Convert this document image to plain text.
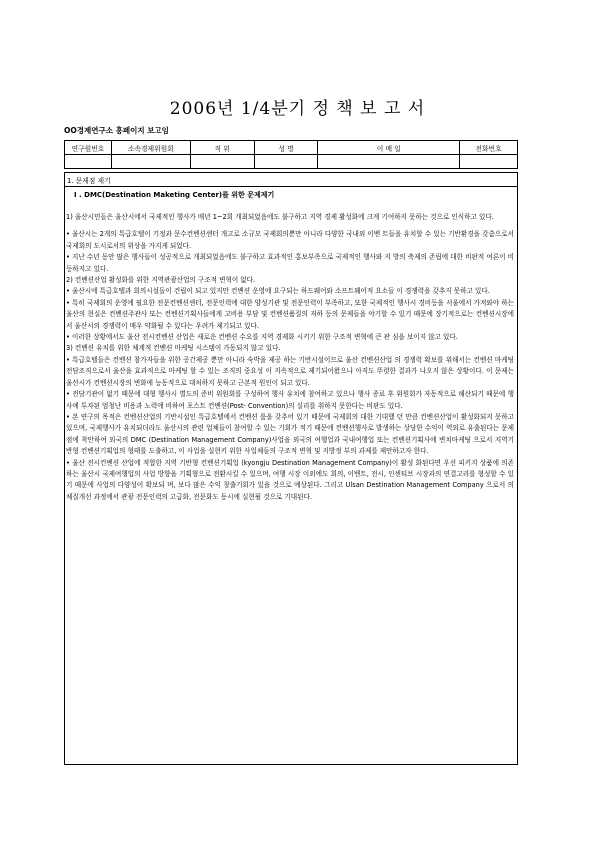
2006년 1/4분기 정 책 보 고 서
OO경제연구소 흥페이지 보고임
연구원번호	소속경제위원회	직 위	성 명	이 메 일	전화번호

1. 문제점 제기
I . DMC(Destination Maketing Center)를 위한 문제제기

1) 울산시민들은 울산시에서 국제적인 행사가 매년 1~2회 개최되었음에도 불구하고 지역 경제 활성화에 크게 기여하지 못하는 것으로 인식하고 있다.

• 울산시는 2개의 특급호텔이 기정과 문수컨벤션센터 개고로 소규모 국제회의뿐만 아니라 다양한 국내외 이벤 트들을 유치할 수 있는 기반환경을 갖춤으로서 국제회의 도시로서의 위상을 가지게 되었다.

• 지난 수년 동안 많은 행사들이 성공적으로 개최되었음에도 불구하고 효과적인 홍보부족으로 국제적인 행사와 지 방의 축제의 존립에 대한 비판적 여론이 비등하지고 있다.

2) 컨벤션산업 활성화를 위한 지역관광산업의 구조적 변혁이 없다.

• 울산시에 특급호텔과 회의시설들이 건립이 되고 있지만 컨벤션 운영에 요구되는 하드웨어와 소프트웨어적 요소들 이 경쟁력을 갖추지 못하고 있다.

• 특히 국제회의 운영에 필요한 전문컨벤션센터, 전문인력에 대한 양성기관 및 전문인력이 부족하고, 또한 국제적인 행사시 경비등을 서울에서 가져와야 하는 울산의 현실은 컨벤션주관사 또는 컨벤션기획사들에게 고비용 부담 및 컨벤션품질의 저하 등의 문제들을 야기할 수 있기 때문에 장기적으로는 컨벤션시장에서 울산시의 경쟁력이 매우 약화될 수 있다는 우려가 제기되고 있다.

• 이러한 상황에서도 울산 전시컨벤션 산업은 새로운 컨벤션 수요를 지역 경제화 시키기 위한 구조적 변혁에 큰 관 심을 보이지 않고 있다.

3) 컨벤션 유치를 위한 체계적 컨벤션 마케팅 시스템이 가동되지 않고 있다.

• 특급호텔들은 컨벤션 참가자들을 위한 공간제공 뿐만 아니라 숙박을 제공 하는 기반시설이므로 울산 컨벤션산업 의 경쟁력 확보를 위해서는 컨벤션 마케팅 전담조직으로서 울산을 효과적으로 마케팅 할 수 있는 조직의 중요성 이 지속적으로 제기되어왔으나 아직도 뚜렷한 결과가 나오지 않은 상황이다. 이 문제는 울산시가 컨벤션시장의 변화에 능동적으로 대처하지 못하고 근본적 원인이 되고 있다.

• 전담기관이 없기 때문에 대형 행사시 별도의 준비 위원회를 구성하여 행사 유치에 참여하고 있으나 행사 종료 후 위원회가 자동적으로 해산되기 때문에 행사에 투자된 엄청난 비용과 노력에 비하여 포스트 컨벤션(Post- Convention)의 실리를 취하지 못한다는 비판도 있다.

• 본 연구의 목적은 컨벤션산업의 기반시설인 특급호텔에서 컨벤션 룸을 갖추어 있기 때문에 국제회의 대한 기대했 던 만큼 컨벤션산업이 활성화되지 못하고 있으며, 국제행사가 유치되더라도 울산시의 관련 업체들이 참여할 수 있는 기회가 적기 때문에 컨벤션행사로 발생하는 상당한 수익이 역외로 유출된다는 문제점에 착안하여 외국의 DMC (Destination Management Company)사업을 외국의 여행업과 국내여행업 또는 컨벤션기획사에 변치마케팅 으로서 지역기반형 컨벤션기획업의 형태를 도출하고, 이 사업을 실현키 위한 사업체들의 구조적 변혁 및 지방정 부의 과제를 제안하고자 한다.

• 울산 전시컨벤션 산업에 적합한 지역 기반형 컨벤션기획업 (kyongju Destination Management Company)이 활성 화된다면 우선 피키지 상품에 의존하는 울산시 국제여행업의 사업 방향을 기획형으로 전환시킬 수 있으며, 여행 시장 이외에도 회의, 이벤트, 전시, 인센티브 시장과의 연결고리를 형성할 수 있기 때문에 사업의 다양성이 확보되 며, 보다 많은 수익 창출기회가 있을 것으로 예상된다. 그리고 Ulsan Destination Management Company 으로서 의 체질개선 과정에서 관광 전문인력의 고급화, 전문화도 동시에 실현될 것으로 기대된다.
